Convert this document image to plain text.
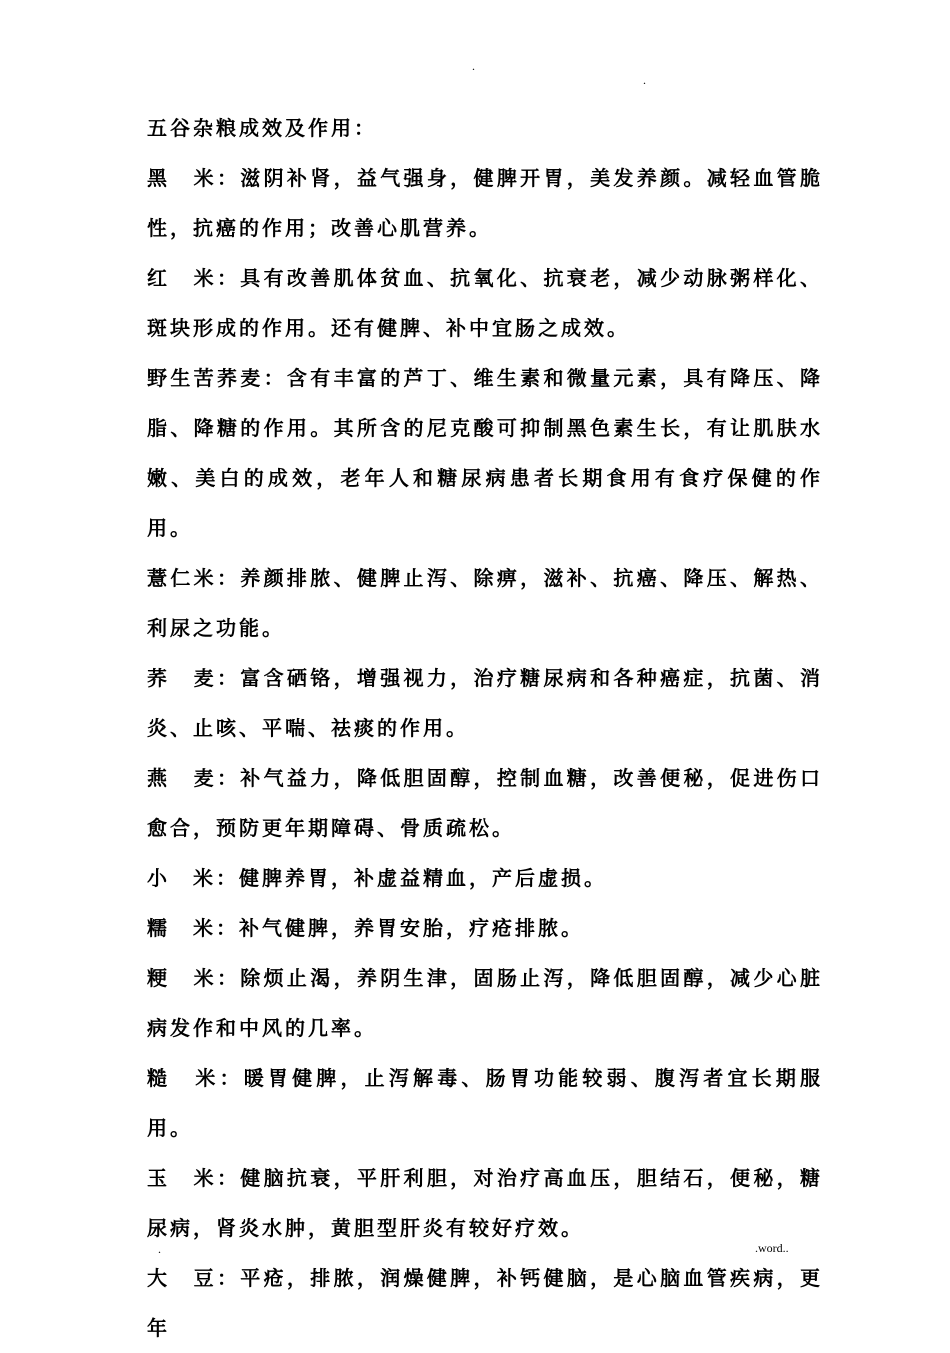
.
.

五谷杂粮成效及作用：

黑　米：滋阴补肾，益气强身，健脾开胃，美发养颜。减轻血管脆性，抗癌的作用；改善心肌营养。

红　米：具有改善肌体贫血、抗氧化、抗衰老，减少动脉粥样化、斑块形成的作用。还有健脾、补中宜肠之成效。

野生苦荞麦：含有丰富的芦丁、维生素和微量元素，具有降压、降脂、降糖的作用。其所含的尼克酸可抑制黑色素生长，有让肌肤水嫩、美白的成效，老年人和糖尿病患者长期食用有食疗保健的作用。

薏仁米：养颜排脓、健脾止泻、除痹，滋补、抗癌、降压、解热、利尿之功能。

荞　麦：富含硒铬，增强视力，治疗糖尿病和各种癌症，抗菌、消炎、止咳、平喘、祛痰的作用。

燕　麦：补气益力，降低胆固醇，控制血糖，改善便秘，促进伤口愈合，预防更年期障碍、骨质疏松。

小　米：健脾养胃，补虚益精血，产后虚损。

糯　米：补气健脾，养胃安胎，疗疮排脓。

粳　米：除烦止渴，养阴生津，固肠止泻，降低胆固醇，减少心脏病发作和中风的几率。

糙　米：暖胃健脾，止泻解毒、肠胃功能较弱、腹泻者宜长期服用。

玉　米：健脑抗衰，平肝利胆，对治疗高血压，胆结石，便秘，糖尿病，肾炎水肿，黄胆型肝炎有较好疗效。

大　豆：平疮，排脓，润燥健脾，补钙健脑，是心脑血管疾病，更年

.	.word..
